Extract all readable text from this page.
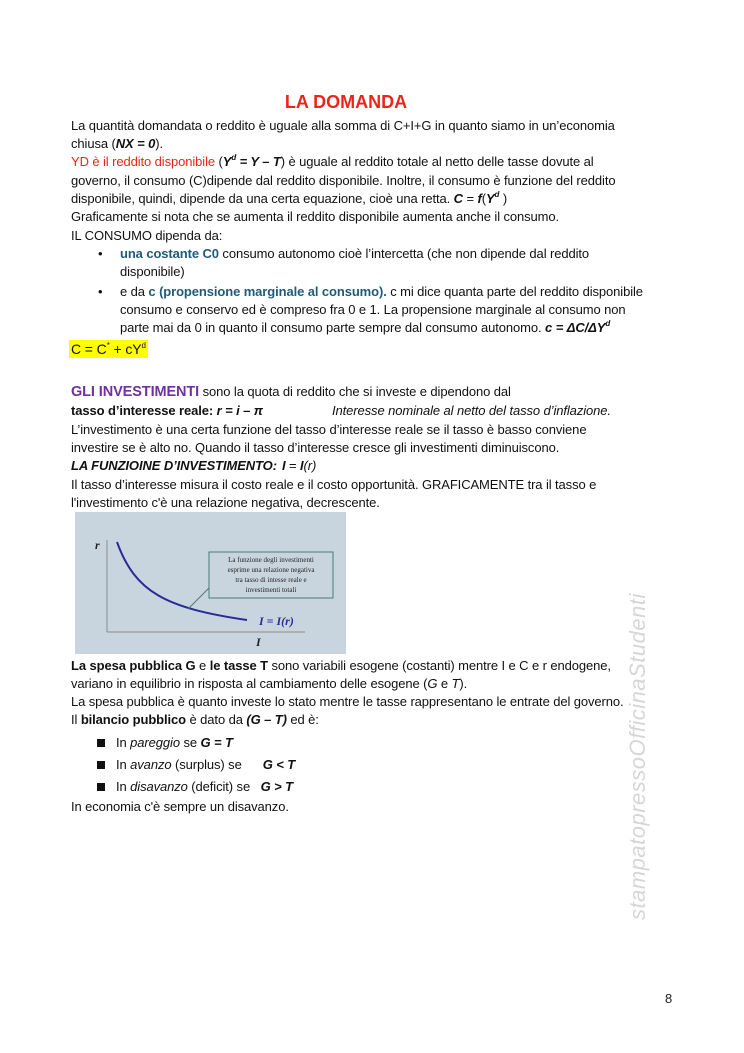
LA DOMANDA
La quantità domandata o reddito è uguale alla somma di C+I+G in quanto siamo in un’economia
chiusa (NX = 0).
YD è il reddito disponibile $(Y^d = Y - T)$ è uguale al reddito totale al netto delle tasse dovute al
governo, il consumo (C)dipende dal reddito disponibile. Inoltre, il consumo è funzione del reddito
disponibile, quindi, dipende da una certa equazione, cioè una retta. $C = f(Y^d$ )
Graficamente si nota che se aumenta il reddito disponibile aumenta anche il consumo.
IL CONSUMO dipenda da:
• una costante C0 consumo autonomo cioè l’intercetta (che non dipende dal reddito
disponibile)
• e da c (propensione marginale al consumo). c mi dice quanta parte del reddito disponibile
consumo e conservo ed è compreso fra 0 e 1. La propensione marginale al consumo non
parte mai da 0 in quanto il consumo parte sempre dal consumo autonomo. $c = \Delta C/\Delta Y^d$
$C = C^* + cY^d$
GLI INVESTIMENTI sono la quota di reddito che si investe e dipendono dal
tasso d’interesse reale: r = i – π	Interesse nominale al netto del tasso d’inflazione.
L’investimento è una certa funzione del tasso d’interesse reale se il tasso è basso conviene
investire se è alto no. Quando il tasso d’interesse cresce gli investimenti diminuiscono.
LA FUNZIOINE D’INVESTIMENTO: I = I(r)
Il tasso d’interesse misura il costo reale e il costo opportunità. GRAFICAMENTE tra il tasso e
l'investimento c'è una relazione negativa, decrescente.
r
I
La funzione degli investimenti
esprime una relazione negativa
tra tasso di intesse reale e
investimenti totali
I = I(r)
La spesa pubblica G e le tasse T sono variabili esogene (costanti) mentre I e C e r endogene,
variano in equilibrio in risposta al cambiamento delle esogene (G e T).
La spesa pubblica è quanto investe lo stato mentre le tasse rappresentano le entrate del governo.
Il bilancio pubblico è dato da (G – T) ed è:
In pareggio se G = T
In avanzo (surplus) se      G < T
In disavanzo (deficit) se   G > T
In economia c'è sempre un disavanzo.	stampatopressoOfficinaStudenti
8
